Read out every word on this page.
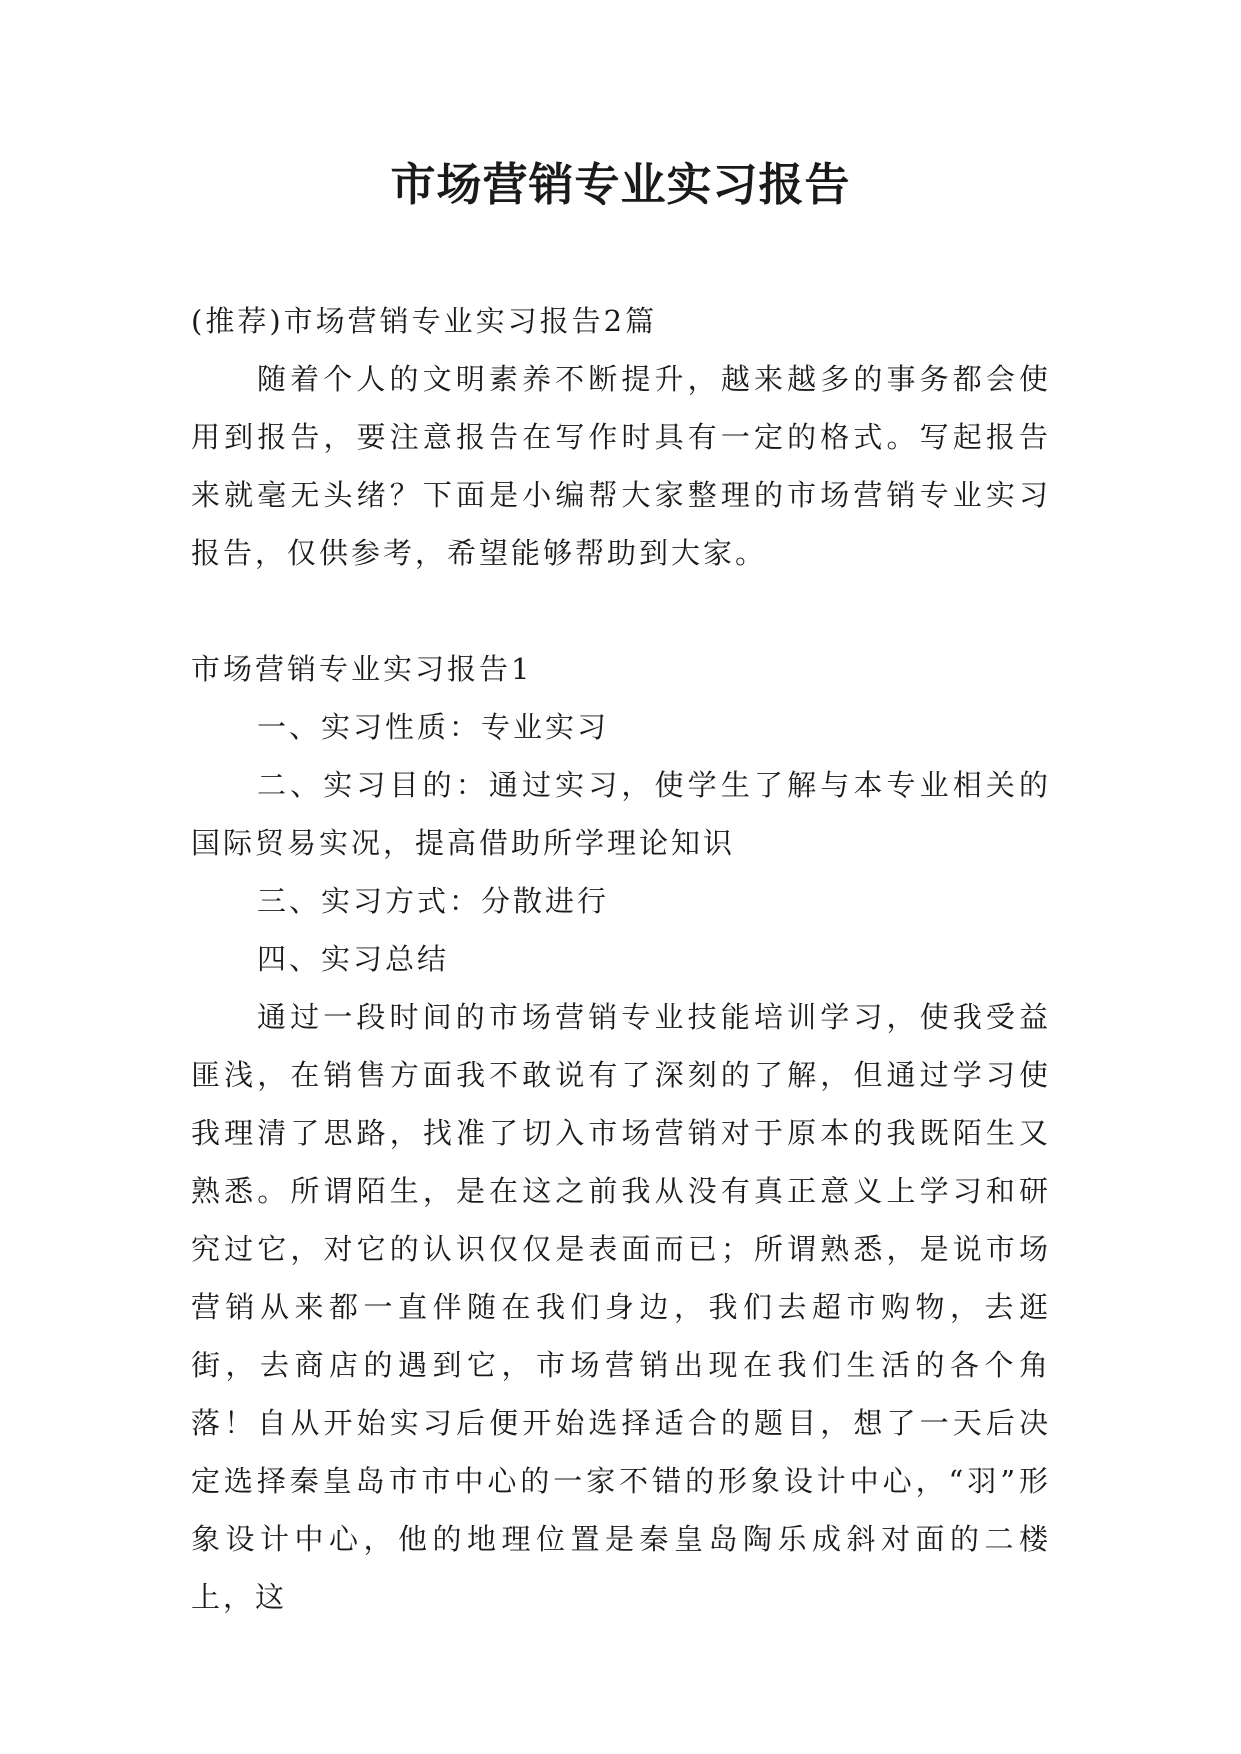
市场营销专业实习报告

(推荐)市场营销专业实习报告2篇

随着个人的文明素养不断提升，越来越多的事务都会使用到报告，要注意报告在写作时具有一定的格式。写起报告来就毫无头绪？下面是小编帮大家整理的市场营销专业实习报告，仅供参考，希望能够帮助到大家。

市场营销专业实习报告1

一、实习性质：专业实习

二、实习目的：通过实习，使学生了解与本专业相关的国际贸易实况，提高借助所学理论知识

三、实习方式：分散进行

四、实习总结

通过一段时间的市场营销专业技能培训学习，使我受益匪浅，在销售方面我不敢说有了深刻的了解，但通过学习使我理清了思路，找准了切入市场营销对于原本的我既陌生又熟悉。所谓陌生，是在这之前我从没有真正意义上学习和研究过它，对它的认识仅仅是表面而已；所谓熟悉，是说市场营销从来都一直伴随在我们身边，我们去超市购物，去逛街，去商店的遇到它，市场营销出现在我们生活的各个角落！自从开始实习后便开始选择适合的题目，想了一天后决定选择秦皇岛市市中心的一家不错的形象设计中心，“羽”形象设计中心，他的地理位置是秦皇岛陶乐成斜对面的二楼上，这
